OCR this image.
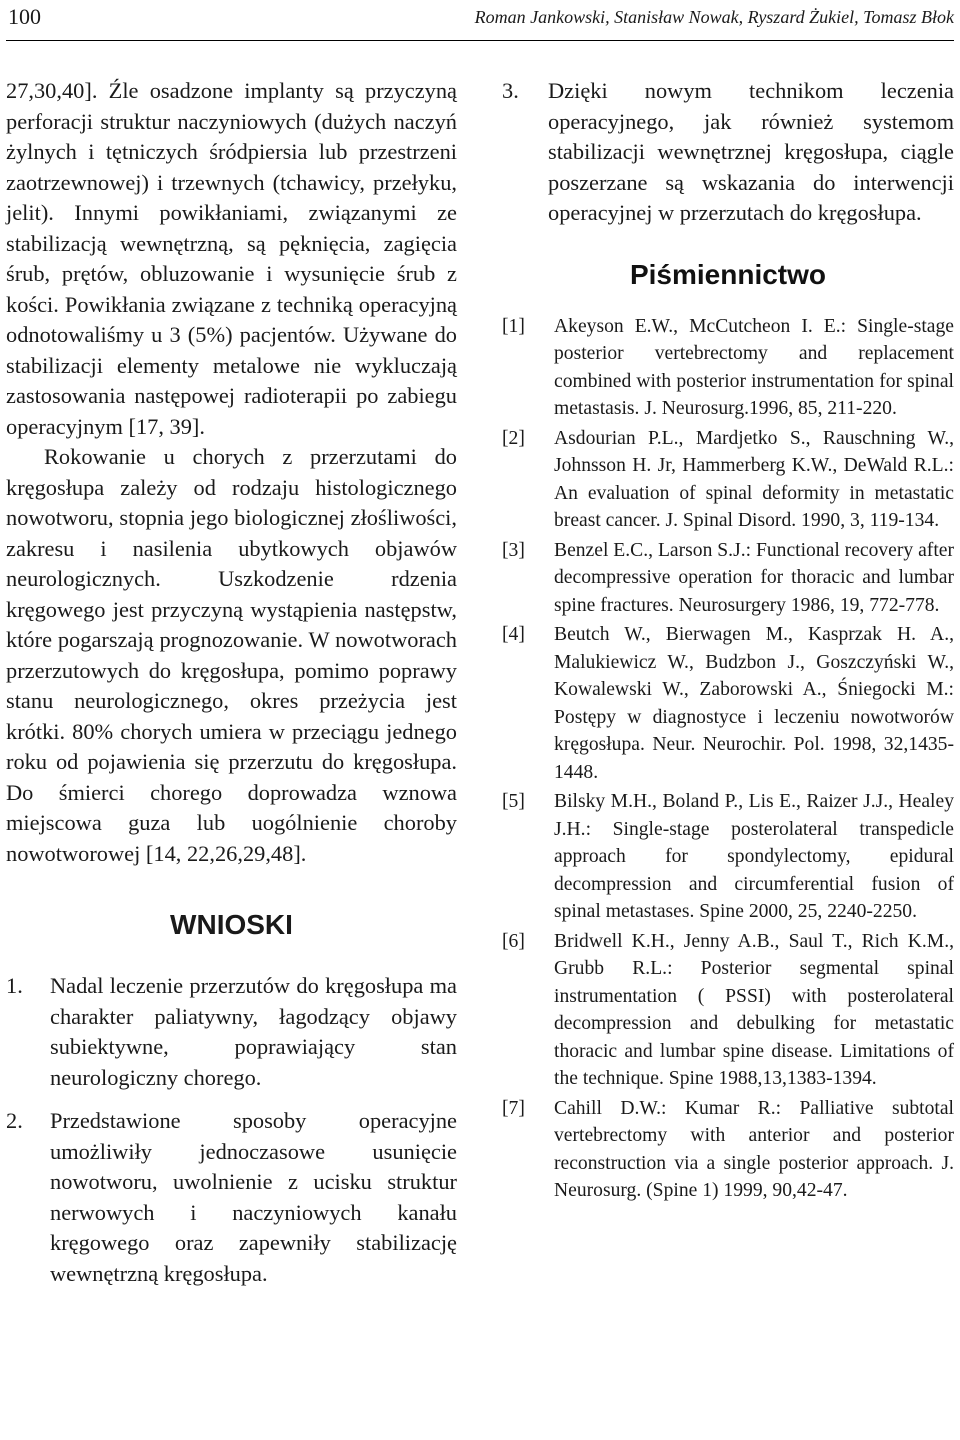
100	Roman Jankowski, Stanisław Nowak, Ryszard Żukiel, Tomasz Błok

27,30,40]. Źle osadzone implanty są przyczyną perforacji struktur naczyniowych (dużych naczyń żylnych i tętniczych śródpiersia lub przestrzeni zaotrzewnowej) i trzewnych (tchawicy, przełyku, jelit). Innymi powikłaniami, związanymi ze stabilizacją wewnętrzną, są pęknięcia, zagięcia śrub, prętów, obluzowanie i wysunięcie śrub z kości. Powikłania związane z techniką operacyjną odnotowaliśmy u 3 (5%) pacjentów. Używane do stabilizacji elementy metalowe nie wykluczają zastosowania następowej radioterapii po zabiegu operacyjnym [17, 39].

Rokowanie u chorych z przerzutami do kręgosłupa zależy od rodzaju histologicznego nowotworu, stopnia jego biologicznej złośliwości, zakresu i nasilenia ubytkowych objawów neurologicznych. Uszkodzenie rdzenia kręgowego jest przyczyną wystąpienia następstw, które pogarszają prognozowanie. W nowotworach przerzutowych do kręgosłupa, pomimo poprawy stanu neurologicznego, okres przeżycia jest krótki. 80% chorych umiera w przeciągu jednego roku od pojawienia się przerzutu do kręgosłupa. Do śmierci chorego doprowadza wznowa miejscowa guza lub uogólnienie choroby nowotworowej [14, 22,26,29,48].

WNIOSKI
1.	Nadal leczenie przerzutów do kręgosłupa ma charakter paliatywny, łagodzący objawy subiektywne, poprawiający stan neurologiczny chorego.
2.	Przedstawione sposoby operacyjne umożliwiły jednoczasowe usunięcie nowotworu, uwolnienie z ucisku struktur nerwowych i naczyniowych kanału kręgowego oraz zapewniły stabilizację wewnętrzną kręgosłupa.
3.	Dzięki nowym technikom leczenia operacyjnego, jak również systemom stabilizacji wewnętrznej kręgosłupa, ciągle poszerzane są wskazania do interwencji operacyjnej w przerzutach do kręgosłupa.
Piśmiennictwo
[1]	Akeyson E.W., McCutcheon I. E.: Single-stage posterior vertebrectomy and replacement combined with posterior instrumentation for spinal metastasis. J. Neurosurg.1996, 85, 211-220.
[2]	Asdourian P.L., Mardjetko S., Rauschning W., Johnsson H. Jr, Hammerberg K.W., DeWald R.L.: An evaluation of spinal deformity in metastatic breast cancer. J. Spinal Disord. 1990, 3, 119-134.
[3]	Benzel E.C., Larson S.J.: Functional recovery after decompressive operation for thoracic and lumbar spine fractures. Neurosurgery 1986, 19, 772-778.
[4]	Beutch W., Bierwagen M., Kasprzak H. A., Malukiewicz W., Budzbon J., Goszczyński W., Kowalewski W., Zaborowski A., Śniegocki M.: Postępy w diagnostyce i leczeniu nowotworów kręgosłupa. Neur. Neurochir. Pol. 1998, 32,1435-1448.
[5]	Bilsky M.H., Boland P., Lis E., Raizer J.J., Healey J.H.: Single-stage posterolateral transpedicle approach for spondylectomy, epidural decompression and circumferential fusion of spinal metastases. Spine 2000, 25, 2240-2250.
[6]	Bridwell K.H., Jenny A.B., Saul T., Rich K.M., Grubb R.L.: Posterior segmental spinal instrumentation ( PSSI) with posterolateral decompression and debulking for metastatic thoracic and lumbar spine disease. Limitations of the technique. Spine 1988,13,1383-1394.
[7]	Cahill D.W.: Kumar R.: Palliative subtotal vertebrectomy with anterior and posterior reconstruction via a single posterior approach. J. Neurosurg. (Spine 1) 1999, 90,42-47.
